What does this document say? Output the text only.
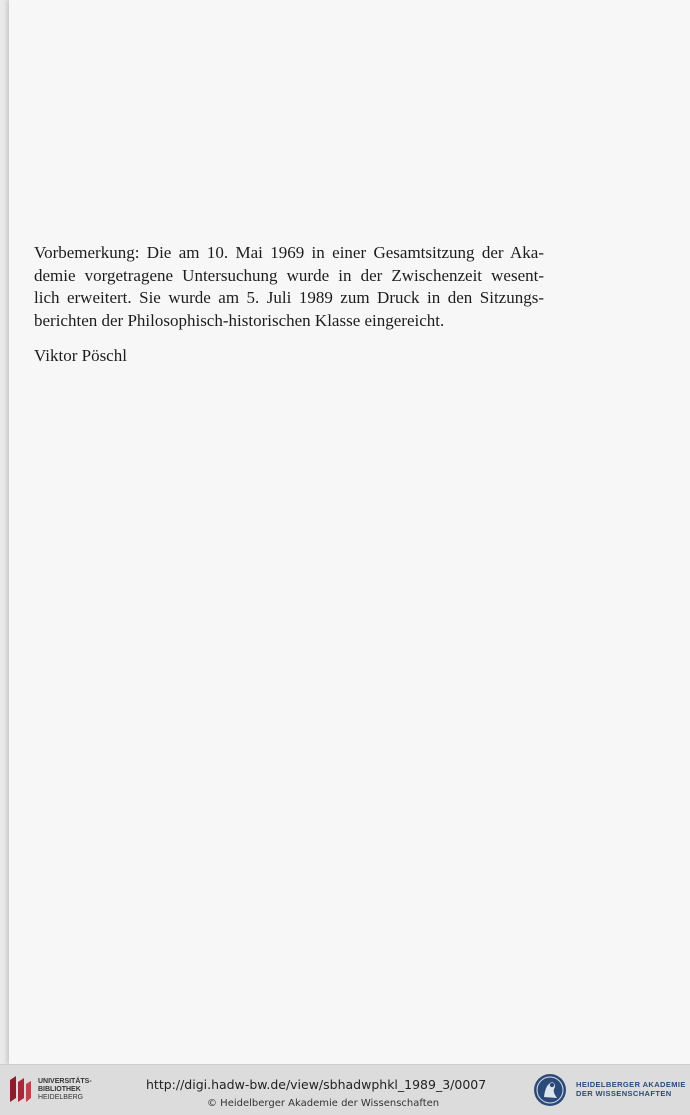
Vorbemerkung: Die am 10. Mai 1969 in einer Gesamtsitzung der Aka-

demie vorgetragene Untersuchung wurde in der Zwischenzeit wesent-

lich erweitert. Sie wurde am 5. Juli 1989 zum Druck in den Sitzungs-

berichten der Philosophisch-historischen Klasse eingereicht.

Viktor Pöschl
UNIVERSITÄTS-
BIBLIOTHEK
HEIDELBERG
http://digi.hadw-bw.de/view/sbhadwphkl_1989_3/0007
© Heidelberger Akademie der Wissenschaften
HEIDELBERGER AKADEMIE
DER WISSENSCHAFTEN
